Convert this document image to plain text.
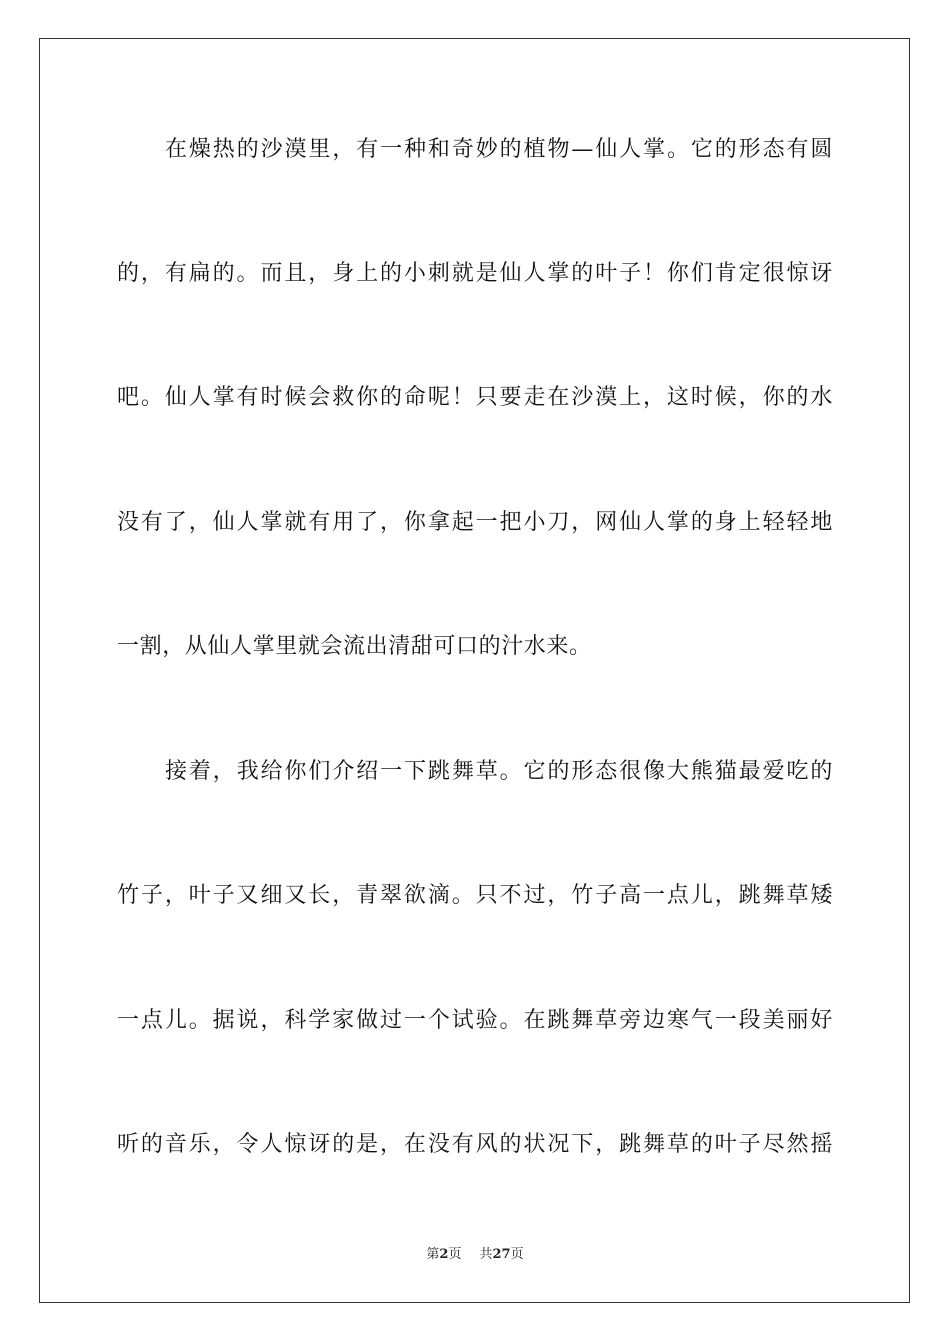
在燥热的沙漠里，有一种和奇妙的植物—仙人掌。它的形态有圆
的，有扁的。而且，身上的小刺就是仙人掌的叶子！你们肯定很惊讶
吧。仙人掌有时候会救你的命呢！只要走在沙漠上，这时候，你的水
没有了，仙人掌就有用了，你拿起一把小刀，网仙人掌的身上轻轻地
一割，从仙人掌里就会流出清甜可口的汁水来。
接着，我给你们介绍一下跳舞草。它的形态很像大熊猫最爱吃的
竹子，叶子又细又长，青翠欲滴。只不过，竹子高一点儿，跳舞草矮
一点儿。据说，科学家做过一个试验。在跳舞草旁边寒气一段美丽好
听的音乐，令人惊讶的是，在没有风的状况下，跳舞草的叶子尽然摇
第2页 共27页
